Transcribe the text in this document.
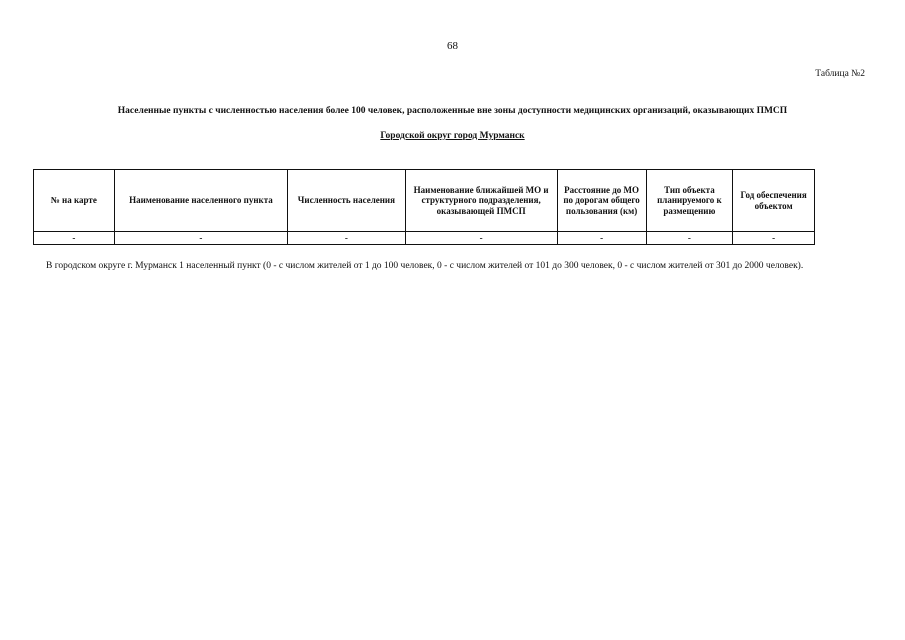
68
Таблица №2
Населенные пункты с численностью населения более 100 человек, расположенные вне зоны доступности медицинских организаций, оказывающих ПМСП
Городской округ город Мурманск
№ на карте	Наименование населенного пункта	Численность населения	Наименование ближайшей МО и структурного подразделения, оказывающей ПМСП	Расстояние до МО по дорогам общего пользования (км)	Тип объекта планируемого к размещению	Год обеспечения объектом
-	-	-	-	-	-	-
В городском округе г. Мурманск 1 населенный пункт (0 - с числом жителей от 1 до 100 человек, 0 - с числом жителей от 101 до 300 человек, 0 - с числом жителей от 301 до 2000 человек).
